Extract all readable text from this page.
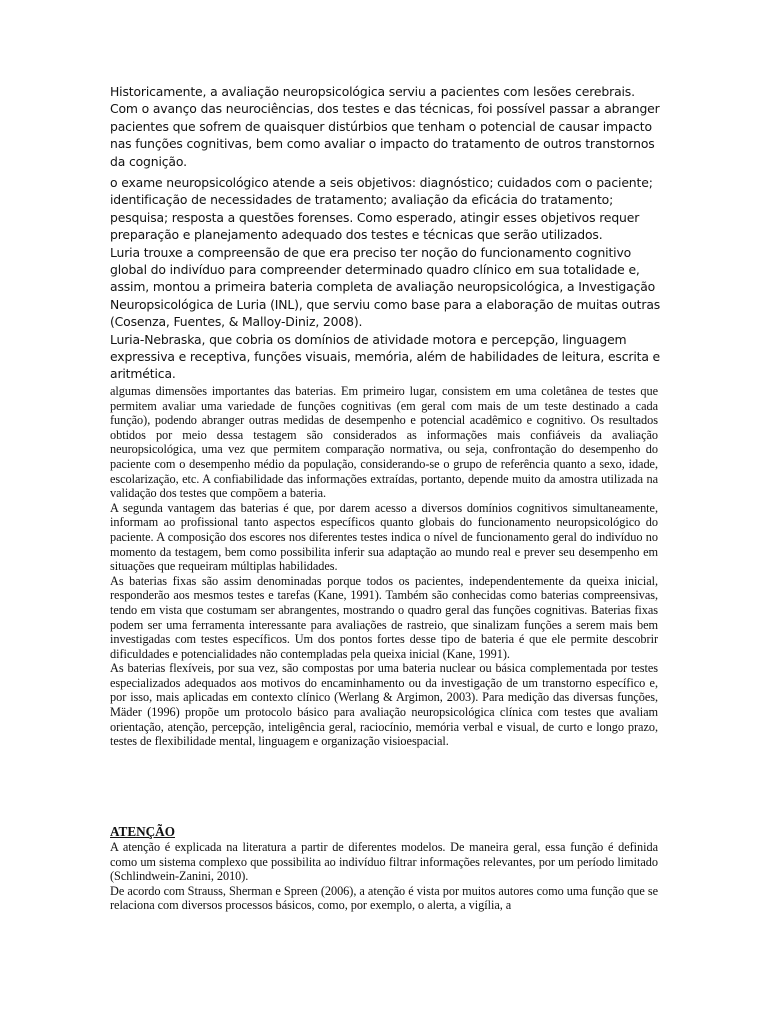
Historicamente, a avaliação neuropsicológica serviu a pacientes com lesões cerebrais. Com o avanço das neurociências, dos testes e das técnicas, foi possível passar a abranger pacientes que sofrem de quaisquer distúrbios que tenham o potencial de causar impacto nas funções cognitivas, bem como avaliar o impacto do tratamento de outros transtornos da cognição.

o exame neuropsicológico atende a seis objetivos: diagnóstico; cuidados com o paciente; identificação de necessidades de tratamento; avaliação da eficácia do tratamento; pesquisa; resposta a questões forenses. Como esperado, atingir esses objetivos requer preparação e planejamento adequado dos testes e técnicas que serão utilizados.

Luria trouxe a compreensão de que era preciso ter noção do funcionamento cognitivo global do indivíduo para compreender determinado quadro clínico em sua totalidade e, assim, montou a primeira bateria completa de avaliação neuropsicológica, a Investigação Neuropsicológica de Luria (INL), que serviu como base para a elaboração de muitas outras (Cosenza, Fuentes, & Malloy-Diniz, 2008).

Luria-Nebraska, que cobria os domínios de atividade motora e percepção, linguagem expressiva e receptiva, funções visuais, memória, além de habilidades de leitura, escrita e aritmética.

algumas dimensões importantes das baterias. Em primeiro lugar, consistem em uma coletânea de testes que permitem avaliar uma variedade de funções cognitivas (em geral com mais de um teste destinado a cada função), podendo abranger outras medidas de desempenho e potencial acadêmico e cognitivo. Os resultados obtidos por meio dessa testagem são considerados as informações mais confiáveis da avaliação neuropsicológica, uma vez que permitem comparação normativa, ou seja, confrontação do desempenho do paciente com o desempenho médio da população, considerando-se o grupo de referência quanto a sexo, idade, escolarização, etc. A confiabilidade das informações extraídas, portanto, depende muito da amostra utilizada na validação dos testes que compõem a bateria.

A segunda vantagem das baterias é que, por darem acesso a diversos domínios cognitivos simultaneamente, informam ao profissional tanto aspectos específicos quanto globais do funcionamento neuropsicológico do paciente. A composição dos escores nos diferentes testes indica o nível de funcionamento geral do indivíduo no momento da testagem, bem como possibilita inferir sua adaptação ao mundo real e prever seu desempenho em situações que requeiram múltiplas habilidades.

As baterias fixas são assim denominadas porque todos os pacientes, independentemente da queixa inicial, responderão aos mesmos testes e tarefas (Kane, 1991). Também são conhecidas como baterias compreensivas, tendo em vista que costumam ser abrangentes, mostrando o quadro geral das funções cognitivas. Baterias fixas podem ser uma ferramenta interessante para avaliações de rastreio, que sinalizam funções a serem mais bem investigadas com testes específicos. Um dos pontos fortes desse tipo de bateria é que ele permite descobrir dificuldades e potencialidades não contempladas pela queixa inicial (Kane, 1991).

As baterias flexíveis, por sua vez, são compostas por uma bateria nuclear ou básica complementada por testes especializados adequados aos motivos do encaminhamento ou da investigação de um transtorno específico e, por isso, mais aplicadas em contexto clínico (Werlang & Argimon, 2003). Para medição das diversas funções, Mäder (1996) propõe um protocolo básico para avaliação neuropsicológica clínica com testes que avaliam orientação, atenção, percepção, inteligência geral, raciocínio, memória verbal e visual, de curto e longo prazo, testes de flexibilidade mental, linguagem e organização visioespacial.

ATENÇÃO

A atenção é explicada na literatura a partir de diferentes modelos. De maneira geral, essa função é definida como um sistema complexo que possibilita ao indivíduo filtrar informações relevantes, por um período limitado (Schlindwein-Zanini, 2010).

De acordo com Strauss, Sherman e Spreen (2006), a atenção é vista por muitos autores como uma função que se relaciona com diversos processos básicos, como, por exemplo, o alerta, a vigília, a
